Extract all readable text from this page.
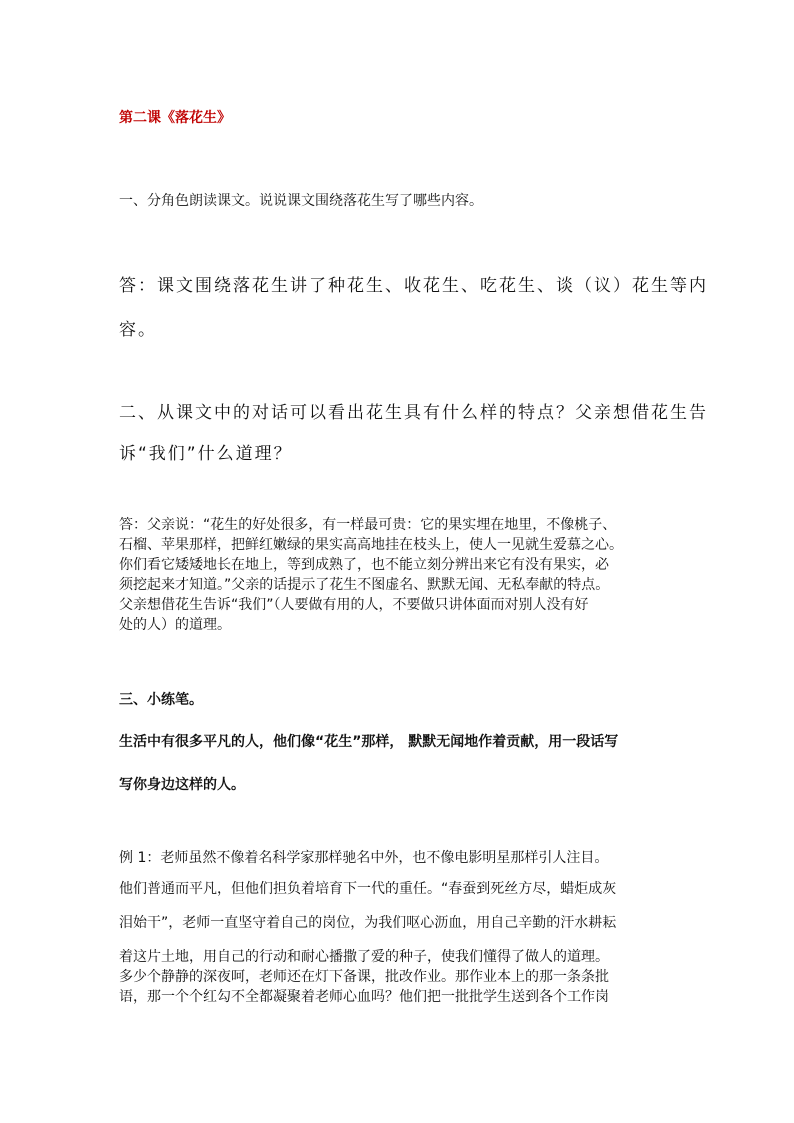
第二课《落花生》

一、分角色朗读课文。说说课文围绕落花生写了哪些内容。

答：课文围绕落花生讲了种花生、收花生、吃花生、谈（议）花生等内

容。

二、从课文中的对话可以看出花生具有什么样的特点？父亲想借花生告

诉“我们”什么道理？

答：父亲说：“花生的好处很多，有一样最可贵：它的果实埋在地里，不像桃子、
石榴、苹果那样，把鲜红嫩绿的果实高高地挂在枝头上，使人一见就生爱慕之心。
你们看它矮矮地长在地上，等到成熟了，也不能立刻分辨出来它有没有果实，必
须挖起来才知道。”父亲的话提示了花生不图虚名、默默无闻、无私奉献的特点。
父亲想借花生告诉“我们”（人要做有用的人，不要做只讲体面而对别人没有好
处的人）的道理。

三、小练笔。

生活中有很多平凡的人，他们像“花生”那样， 默默无闻地作着贡献，用一段话写

写你身边这样的人。

例 1：老师虽然不像着名科学家那样驰名中外，也不像电影明星那样引人注目。

他们普通而平凡，但他们担负着培育下一代的重任。“春蚕到死丝方尽，蜡炬成灰

泪始干”，老师一直坚守着自己的岗位，为我们呕心沥血，用自己辛勤的汗水耕耘

着这片土地，用自己的行动和耐心播撒了爱的种子，使我们懂得了做人的道理。
多少个静静的深夜呵，老师还在灯下备课，批改作业。那作业本上的那一条条批
语，那一个个红勾不全都凝聚着老师心血吗？他们把一批批学生送到各个工作岗
